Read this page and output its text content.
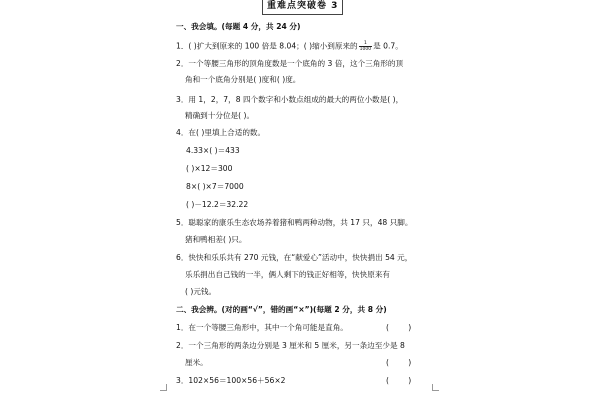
重难点突破卷 3
一、我会填。(每题 4 分，共 24 分)
1．( )扩大到原来的 100 倍是 8.04；( )缩小到原来的 $\frac{1}{1000}$ 是 0.7。
2．一个等腰三角形的顶角度数是一个底角的 3 倍，这个三角形的顶
角和一个底角分别是( )度和( )度。
3．用 1，2，7，8 四个数字和小数点组成的最大的两位小数是( )，
精确到十分位是( )。
4．在( )里填上合适的数。
4.33×( )＝433
( )×12＝300
8×( )×7＝7000
( )－12.2＝32.22
5．聪聪家的康乐生态农场养着猪和鸭两种动物，共 17 只，48 只脚。
猪和鸭相差( )只。
6．快快和乐乐共有 270 元钱，在“献爱心”活动中，快快捐出 54 元，
乐乐捐出自己钱的一半，俩人剩下的钱正好相等，快快原来有
( )元钱。
二、我会辨。(对的画“√”，错的画“×”)(每题 2 分，共 8 分)
1．在一个等腰三角形中，其中一个角可能是直角。	(        )
2．一个三角形的两条边分别是 3 厘米和 5 厘米，另一条边至少是 8
厘米。	(        )
3．102×56＝100×56＋56×2	(        )
